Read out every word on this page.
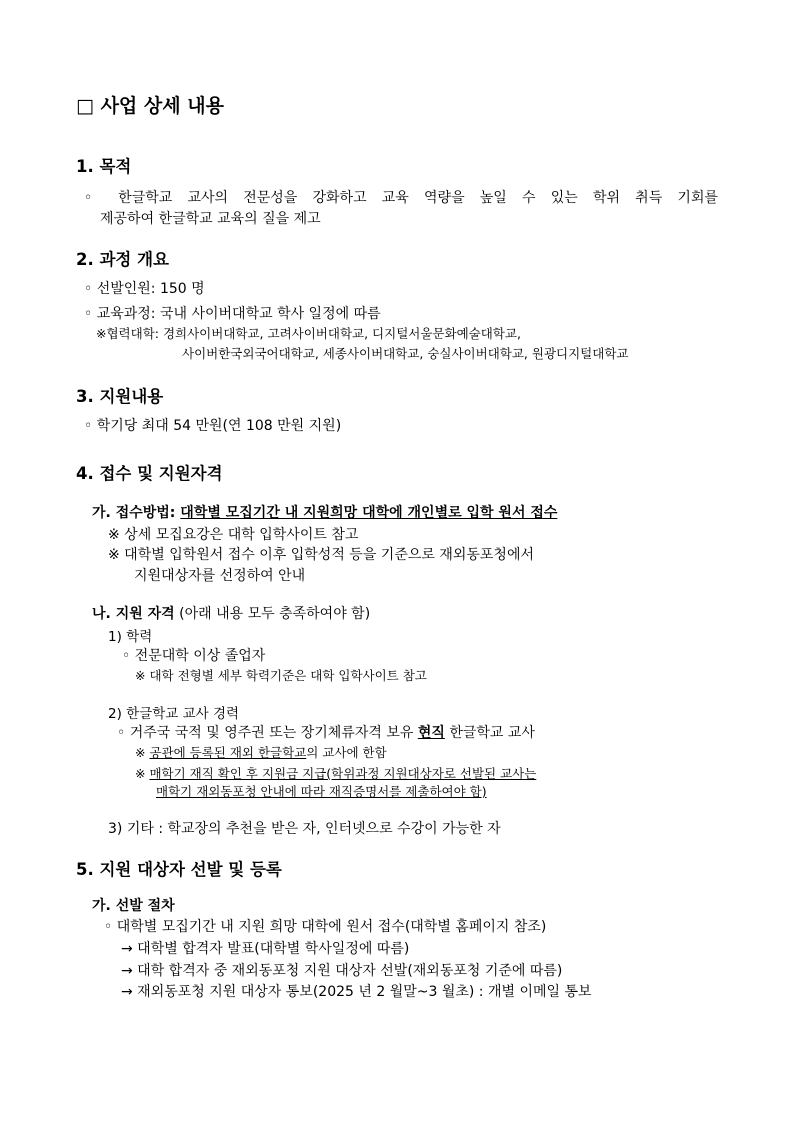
□ 사업 상세 내용
1. 목적
◦ 한글학교 교사의 전문성을 강화하고 교육 역량을 높일 수 있는 학위 취득 기회를
제공하여 한글학교 교육의 질을 제고
2. 과정 개요
◦ 선발인원: 150 명
◦ 교육과정: 국내 사이버대학교 학사 일정에 따름
※협력대학: 경희사이버대학교, 고려사이버대학교, 디지털서울문화예술대학교,
사이버한국외국어대학교, 세종사이버대학교, 숭실사이버대학교, 원광디지털대학교
3. 지원내용
◦ 학기당 최대 54 만원(연 108 만원 지원)
4. 접수 및 지원자격
가. 접수방법: 대학별 모집기간 내 지원희망 대학에 개인별로 입학 원서 접수
※ 상세 모집요강은 대학 입학사이트 참고
※ 대학별 입학원서 접수 이후 입학성적 등을 기준으로 재외동포청에서
지원대상자를 선정하여 안내
나. 지원 자격 (아래 내용 모두 충족하여야 함)
1) 학력
◦ 전문대학 이상 졸업자
※ 대학 전형별 세부 학력기준은 대학 입학사이트 참고
2) 한글학교 교사 경력
◦ 거주국 국적 및 영주권 또는 장기체류자격 보유 현직 한글학교 교사
※ 공관에 등록된 재외 한글학교의 교사에 한함
※ 매학기 재직 확인 후 지원금 지급(학위과정 지원대상자로 선발된 교사는
매학기 재외동포청 안내에 따라 재직증명서를 제출하여야 함)
3) 기타 : 학교장의 추천을 받은 자, 인터넷으로 수강이 가능한 자
5. 지원 대상자 선발 및 등록
가. 선발 절차
◦ 대학별 모집기간 내 지원 희망 대학에 원서 접수(대학별 홈페이지 참조)
→ 대학별 합격자 발표(대학별 학사일정에 따름)
→ 대학 합격자 중 재외동포청 지원 대상자 선발(재외동포청 기준에 따름)
→ 재외동포청 지원 대상자 통보(2025 년 2 월말~3 월초) : 개별 이메일 통보
